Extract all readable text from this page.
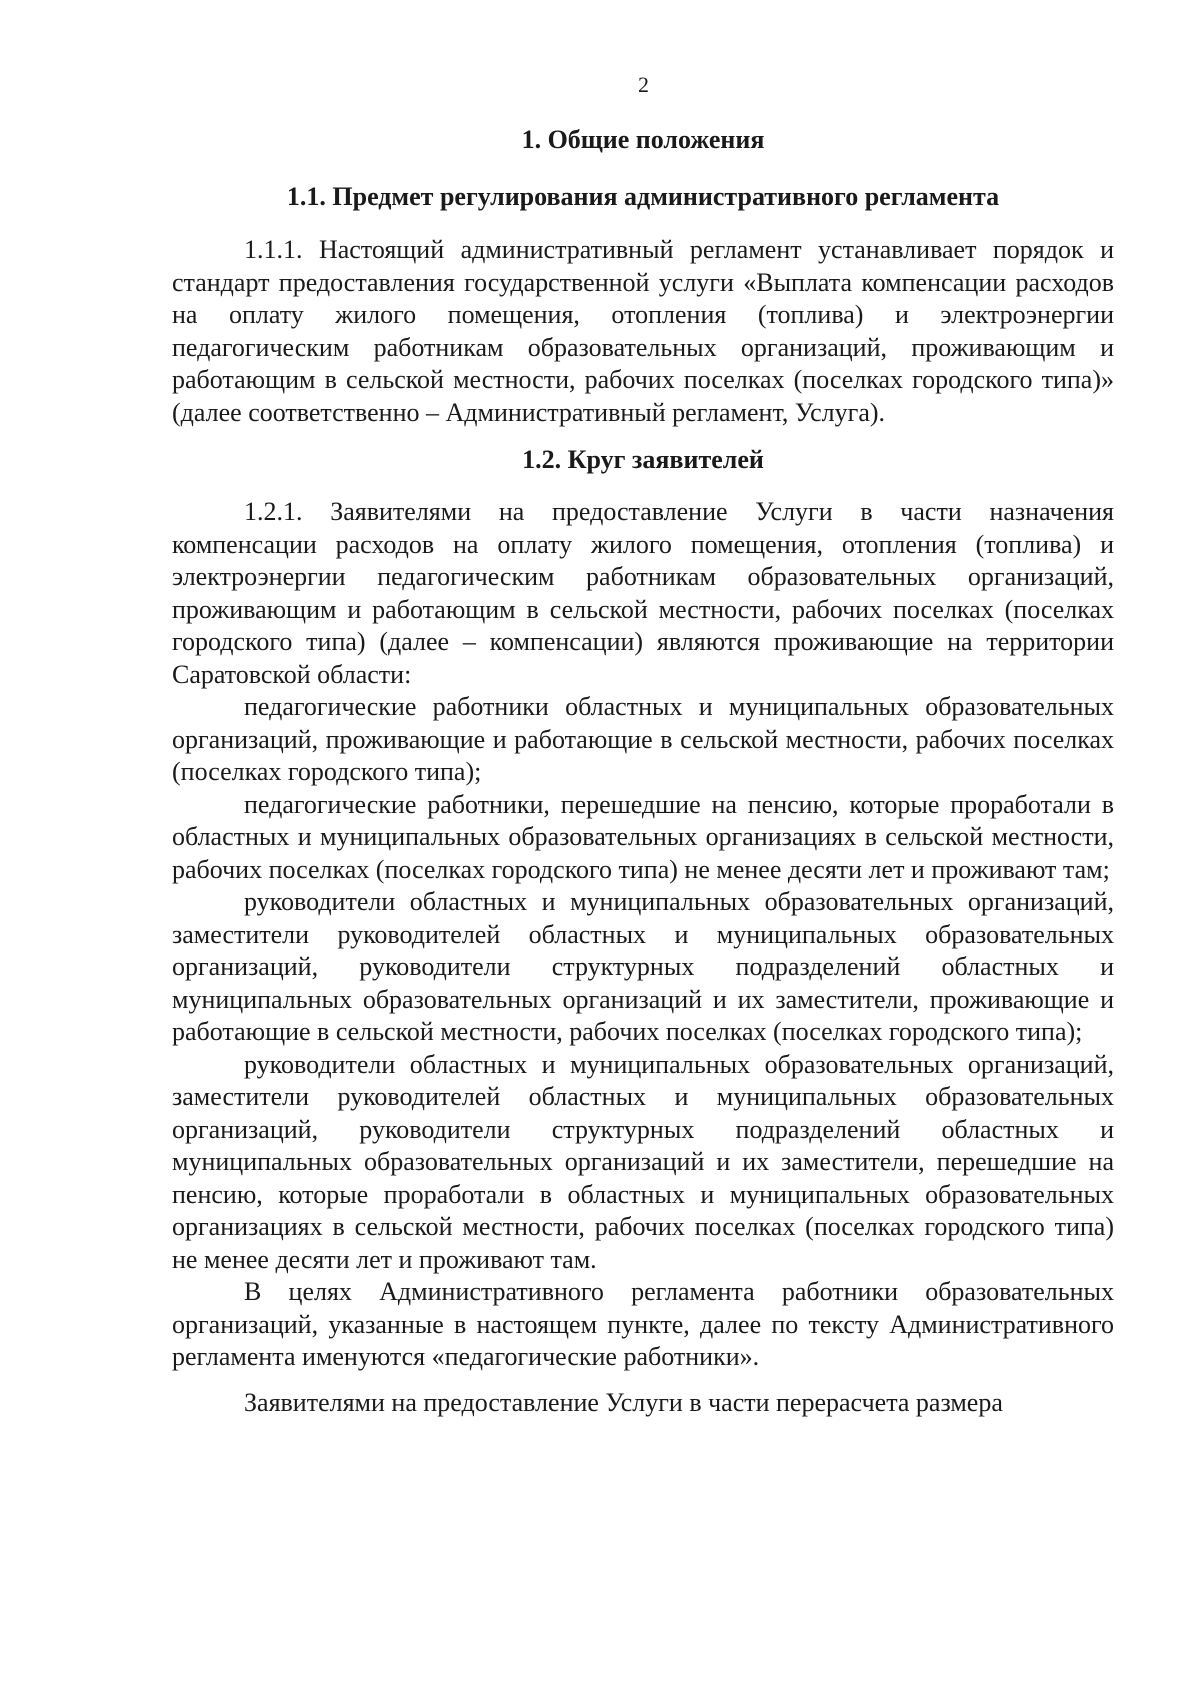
2
1. Общие положения
1.1. Предмет регулирования административного регламента

1.1.1. Настоящий административный регламент устанавливает порядок и стандарт предоставления государственной услуги «Выплата компенсации расходов на оплату жилого помещения, отопления (топлива) и электроэнергии педагогическим работникам образовательных организаций, проживающим и работающим в сельской местности, рабочих поселках (поселках городского типа)» (далее соответственно – Административный регламент, Услуга).

1.2. Круг заявителей

1.2.1. Заявителями на предоставление Услуги в части назначения компенсации расходов на оплату жилого помещения, отопления (топлива) и электроэнергии педагогическим работникам образовательных организаций, проживающим и работающим в сельской местности, рабочих поселках (поселках городского типа) (далее – компенсации) являются проживающие на территории Саратовской области:

педагогические работники областных и муниципальных образовательных организаций, проживающие и работающие в сельской местности, рабочих поселках (поселках городского типа);

педагогические работники, перешедшие на пенсию, которые проработали в областных и муниципальных образовательных организациях в сельской местности, рабочих поселках (поселках городского типа) не менее десяти лет и проживают там;

руководители областных и муниципальных образовательных организаций, заместители руководителей областных и муниципальных образовательных организаций, руководители структурных подразделений областных и муниципальных образовательных организаций и их заместители, проживающие и работающие в сельской местности, рабочих поселках (поселках городского типа);

руководители областных и муниципальных образовательных организаций, заместители руководителей областных и муниципальных образовательных организаций, руководители структурных подразделений областных и муниципальных образовательных организаций и их заместители, перешедшие на пенсию, которые проработали в областных и муниципальных образовательных организациях в сельской местности, рабочих поселках (поселках городского типа) не менее десяти лет и проживают там.

В целях Административного регламента работники образовательных организаций, указанные в настоящем пункте, далее по тексту Административного регламента именуются «педагогические работники».

Заявителями на предоставление Услуги в части перерасчета размера
